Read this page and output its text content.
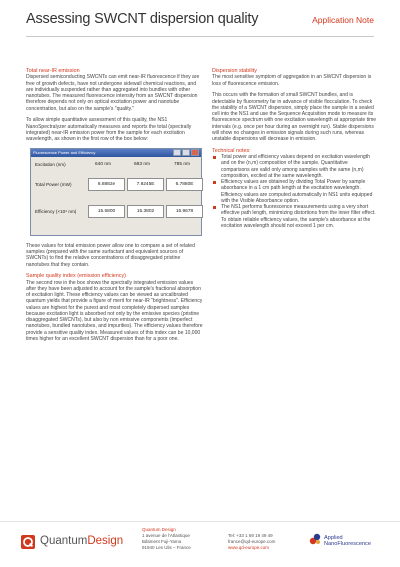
Assessing SWCNT dispersion quality	Application Note
Total near-IR emission

Dispersed semiconducting SWCNTs can emit near-IR fluorescence if they are free of growth defects, have not undergone sidewall chemical reactions, and are individually suspended rather than aggregated into bundles with other nanotubes. The measured fluorescence intensity from an SWCNT dispersion therefore depends not only on optical excitation power and nanotube concentration, but also on the sample's "quality."

To allow simple quantitative assessment of this quality, the NS1 NanoSpectralyzer automatically measures and reports the total (spectrally integrated) near-IR emission power from the sample for each excitation wavelength, as shown in the first row of the box below:

Fluorescence Power and Efficiency
Excitation (nm)	640 nm	683 nm	785 nm
Total Power (mW)	8.8882e	7.9245E	6.7880E
Efficiency (×10⁴ nm)	15.5800	15.3802	16.9678

These values for total emission power allow one to compare a set of related samples (prepared with the same surfactant and equivalent sources of SWCNTs) to find the relative concentrations of disaggregated pristine nanotubes that they contain.

Sample quality index (emission efficiency)

The second row in the box shows the spectrally integrated emission values after they have been adjusted to account for the sample's fractional absorption of excitation light. These efficiency values can be viewed as uncalibrated quantum yields that provide a figure of merit for near-IR "brightness". Efficiency values are highest for the purest and most completely dispersed samples because excitation light is absorbed not only by the emissive species (pristine disaggregated SWCNTs), but also by non emissive components (imperfect nanotubes, bundled nanotubes, and impurities). The efficiency values therefore provide a sensitive quality index. Measured values of this index can be 10,000 times higher for an excellent SWCNT dispersion than for a poor one.

Dispersion stability

The most sensitive symptom of aggregation in an SWCNT dispersion is loss of fluorescence emission.

This occurs with the formation of small SWCNT bundles, and is detectable by fluorometry far in advance of visible flocculation. To check the stability of a SWCNT dispersion, simply place the sample in a sealed cell into the NS1 and use the Sequence Acquisition mode to measure its fluorescence spectrum with one excitation wavelength at appropriate time intervals (e.g. once per hour during an overnight run). Stable dispersions will show no changes in emission signals during such runs, whereas unstable dispersions will decrease in emission.

Technical notes:
Total power and efficiency values depend on excitation wavelength and on the (n,m) composition of the sample. Quantitative comparisons are valid only among samples with the same (n,m) composition, excited at the same wavelength.
Efficiency values are obtained by dividing Total Power by sample absorbance in a 1 cm path length at the excitation wavelength. Efficiency values are computed automatically in NS1 units equipped with the Visible Absorbance option.
The NS1 performs fluorescence measurements using a very short effective path length, minimizing distortions from the inner filter effect. To obtain reliable efficiency values, the sample's absorbance at the excitation wavelength should not exceed 1 per cm.
QuantumDesign
Quantum Design
1 avenue de l'Atlantique
Bâtiment Fuji-Yama
91940 Les Ulis – France
Tel: +33 1 69 19 49 49
france@qd-europe.com
www.qd-europe.com
Applied
NanoFluorescence
